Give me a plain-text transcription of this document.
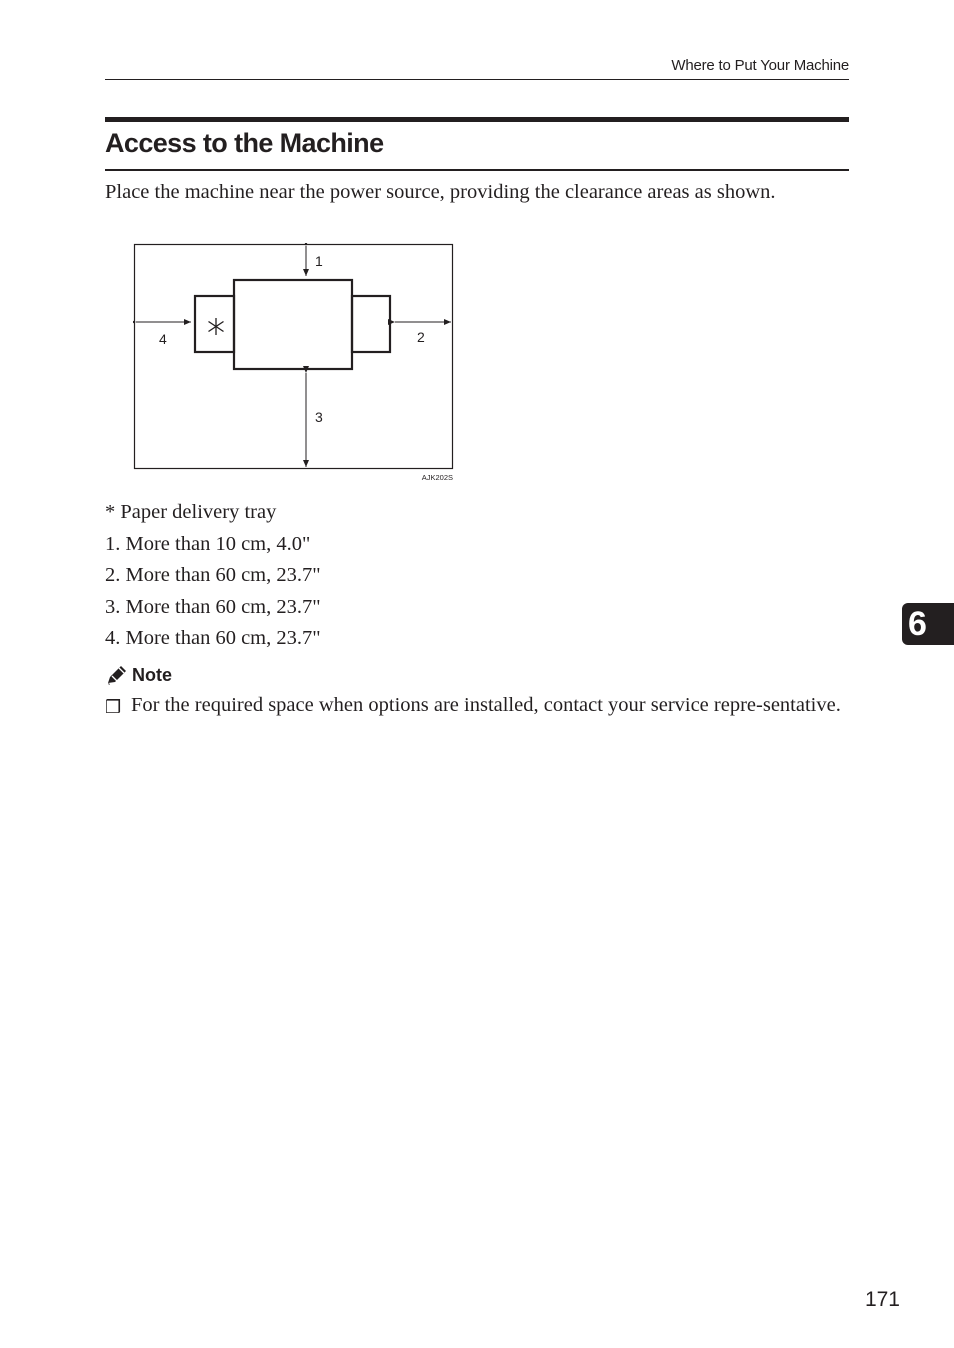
Where to Put Your Machine
Access to the Machine

Place the machine near the power source, providing the clearance areas as shown.

1
2
3
4
AJK202S
* Paper delivery tray
1. More than 10 cm, 4.0"
2. More than 60 cm, 23.7"
3. More than 60 cm, 23.7"
4. More than 60 cm, 23.7"
Note
❒ For the required space when options are installed, contact your service repre-sentative.

6
171
